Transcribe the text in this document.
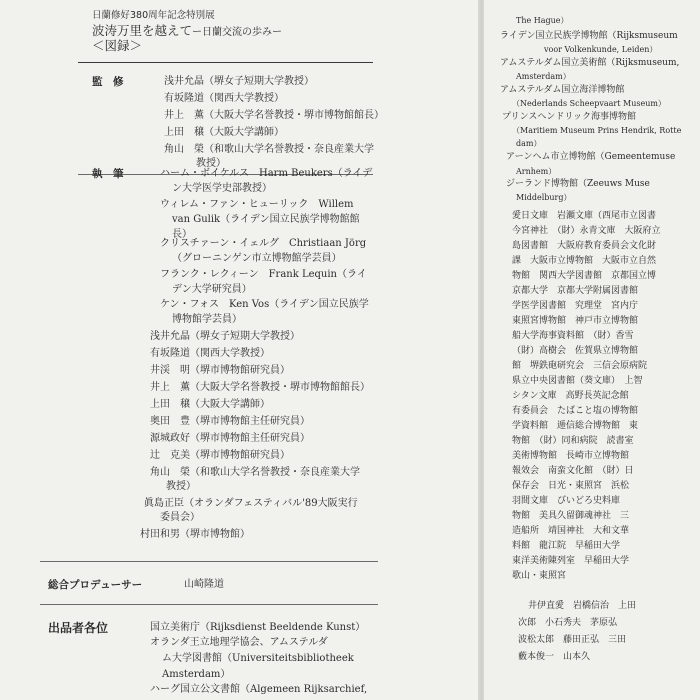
日蘭修好380周年記念特別展
波涛万里を越えてー日蘭交流の歩みー
＜図録＞
監　修	浅井允晶（堺女子短期大学教授）
有坂隆道（関西大学教授）
井上　薫（大阪大学名誉教授・堺市博物館館長）
上田　穣（大阪大学講師）
角山　榮（和歌山大学名誉教授・奈良産業大学
教授）
執　筆	ハーム・ボイケルス　Harm Beukers（ライデ
ン大学医学史部教授）
ウィレム・ファン・ヒューリック　Willem
van Gulik（ライデン国立民族学博物館館
長）
クリスチァーン・イェルグ　Christiaan Jörg
（グローニンゲン市立博物館学芸員）
フランク・レクィーン　Frank Lequin（ライ
デン大学研究員）
ケン・フォス　Ken Vos（ライデン国立民族学
博物館学芸員）
浅井允晶（堺女子短期大学教授）
有坂隆道（関西大学教授）
井渓　明（堺市博物館研究員）
井上　薫（大阪大学名誉教授・堺市博物館館長）
上田　穣（大阪大学講師）
奥田　豊（堺市博物館主任研究員）
源城政好（堺市博物館主任研究員）
辻　克美（堺市博物館研究員）
角山　榮（和歌山大学名誉教授・奈良産業大学
教授）
眞島正臣（オランダフェスティバル'89大阪実行
委員会）
村田和男（堺市博物館）
総合プロデューサー	山崎隆道
出品者各位	国立美術庁（Rijksdienst Beeldende Kunst）
オランダ王立地理学協会、アムステルダ
ム大学図書館（Universiteitsbibliotheek
Amsterdam）
ハーグ国立公文書館（Algemeen Rijksarchief,
The Hague）
ライデン国立民族学博物館（Rijksmuseum
voor Volkenkunde, Leiden）
アムステルダム国立美術館（Rijksmuseum,
Amsterdam）
アムステルダム国立海洋博物館
（Nederlands Scheepvaart Museum）
プリンスヘンドリック海事博物館
（Maritiem Museum Prins Hendrik, Rotte
dam）
アーンヘム市立博物館（Gemeentemuse
Arnhem）
ジーランド博物館（Zeeuws Muse
Middelburg）
愛日文庫　岩瀬文庫（西尾市立図書
今宮神社　（財）永青文庫　大阪府立
島図書館　大阪府教育委員会文化財
課　大阪市立博物館　大阪市立自然
物館　関西大学図書館　京都国立博
京都大学　京都大学附属図書館　
学医学図書館　究理堂　宮内庁　
東照宮博物館　神戸市立博物館　
船大学海事資料館　（財）香雪
（財）高樹会　佐賀県立博物館　
館　堺鉄砲研究会　三信会原病院
県立中央図書館（葵文庫）　上智
シタン文庫　高野長英記念館　
有委員会　たばこと塩の博物館
学資料館　逓信総合博物館　東
物館　（財）同和病院　読書室
美術博物館　長崎市立博物館
報效会　南蛮文化館　（財）日
保存会　日光・東照宮　浜松
羽間文庫　びいどろ史料庫
物館　美具久留御魂神社　三
造船所　靖国神社　大和文華
料館　龍江院　早稲田大学
東洋美術陳列室　早稲田大学
歌山・東照宮
井伊直愛　岩橋信治　上田
次郎　小石秀夫　茅原弘
波松太郎　藤田正弘　三田
藪本俊一　山本久
